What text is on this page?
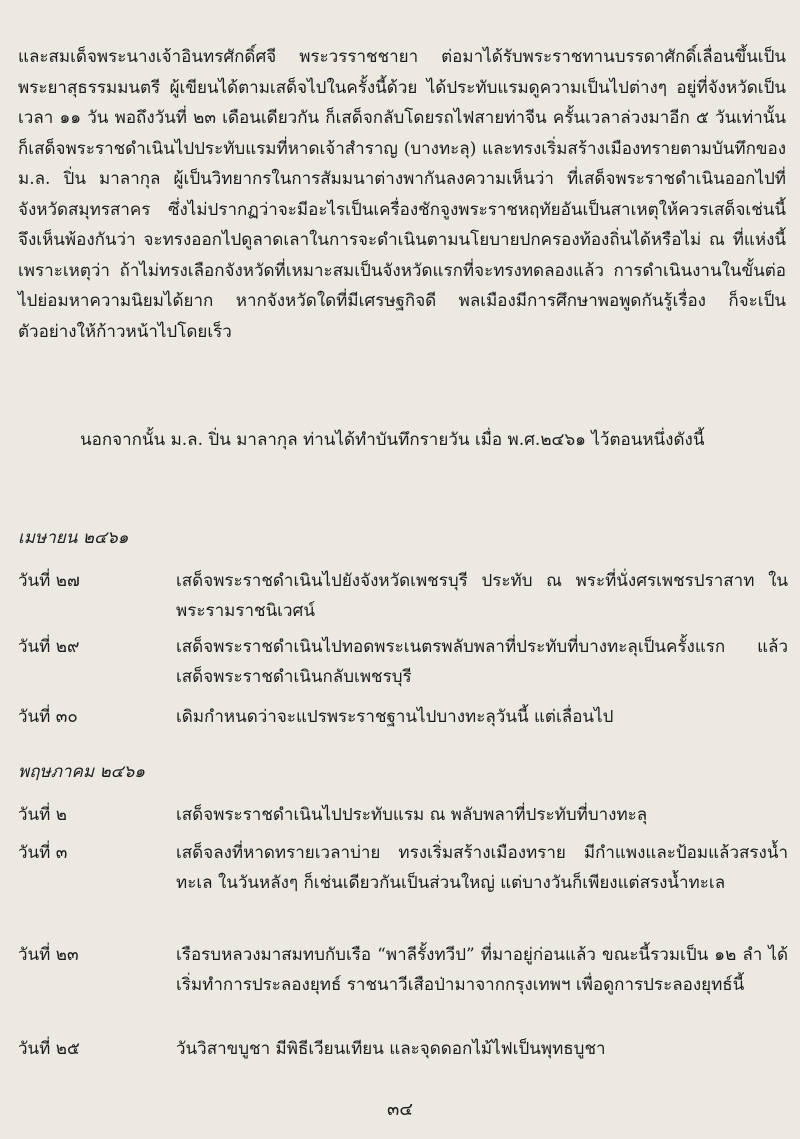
และสมเด็จพระนางเจ้าอินทรศักดิ์ศจี พระวรราชชายา ต่อมาได้รับพระราชทานบรรดาศักดิ์เลื่อนขึ้นเป็นพระยาสุธรรมมนตรี ผู้เขียนได้ตามเสด็จไปในครั้งนี้ด้วย ได้ประทับแรมดูความเป็นไปต่างๆ อยู่ที่จังหวัดเป็นเวลา ๑๑ วัน พอถึงวันที่ ๒๓ เดือนเดียวกัน ก็เสด็จกลับโดยรถไฟสายท่าจีน ครั้นเวลาล่วงมาอีก ๕ วันเท่านั้น ก็เสด็จพระราชดำเนินไปประทับแรมที่หาดเจ้าสำราญ (บางทะลุ) และทรงเริ่มสร้างเมืองทรายตามบันทึกของ ม.ล. ปิ่น มาลากุล ผู้เป็นวิทยากรในการสัมมนาต่างพากันลงความเห็นว่า ที่เสด็จพระราชดำเนินออกไปที่จังหวัดสมุทรสาคร ซึ่งไม่ปรากฏว่าจะมีอะไรเป็นเครื่องชักจูงพระราชหฤทัยอันเป็นสาเหตุให้ควรเสด็จเช่นนี้ จึงเห็นพ้องกันว่า จะทรงออกไปดูลาดเลาในการจะดำเนินตามนโยบายปกครองท้องถิ่นได้หรือไม่ ณ ที่แห่งนี้ เพราะเหตุว่า ถ้าไม่ทรงเลือกจังหวัดที่เหมาะสมเป็นจังหวัดแรกที่จะทรงทดลองแล้ว การดำเนินงานในขั้นต่อไปย่อมหาความนิยมได้ยาก หากจังหวัดใดที่มีเศรษฐกิจดี พลเมืองมีการศึกษาพอพูดกันรู้เรื่อง ก็จะเป็นตัวอย่างให้ก้าวหน้าไปโดยเร็ว

นอกจากนั้น ม.ล. ปิ่น มาลากุล ท่านได้ทำบันทึกรายวัน เมื่อ พ.ศ.๒๔๖๑ ไว้ตอนหนึ่งดังนี้

เมษายน ๒๔๖๑

วันที่ ๒๗	เสด็จพระราชดำเนินไปยังจังหวัดเพชรบุรี ประทับ ณ พระที่นั่งศรเพชรปราสาท ในพระรามราชนิเวศน์
วันที่ ๒๙	เสด็จพระราชดำเนินไปทอดพระเนตรพลับพลาที่ประทับที่บางทะลุเป็นครั้งแรก แล้วเสด็จพระราชดำเนินกลับเพชรบุรี
วันที่ ๓๐	เดิมกำหนดว่าจะแปรพระราชฐานไปบางทะลุวันนี้ แต่เลื่อนไป

พฤษภาคม ๒๔๖๑

วันที่ ๒	เสด็จพระราชดำเนินไปประทับแรม ณ พลับพลาที่ประทับที่บางทะลุ
วันที่ ๓	เสด็จลงที่หาดทรายเวลาบ่าย ทรงเริ่มสร้างเมืองทราย มีกำแพงและป้อมแล้วสรงน้ำทะเล ในวันหลังๆ ก็เช่นเดียวกันเป็นส่วนใหญ่ แต่บางวันก็เพียงแต่สรงน้ำทะเล
วันที่ ๒๓	เรือรบหลวงมาสมทบกับเรือ “พาลีรั้งทวีป” ที่มาอยู่ก่อนแล้ว ขณะนี้รวมเป็น ๑๒ ลำ ได้เริ่มทำการประลองยุทธ์ ราชนาวีเสือป่ามาจากกรุงเทพฯ เพื่อดูการประลองยุทธ์นี้
วันที่ ๒๕	วันวิสาขบูชา มีพิธีเวียนเทียน และจุดดอกไม้ไฟเป็นพุทธบูชา

๓๔
